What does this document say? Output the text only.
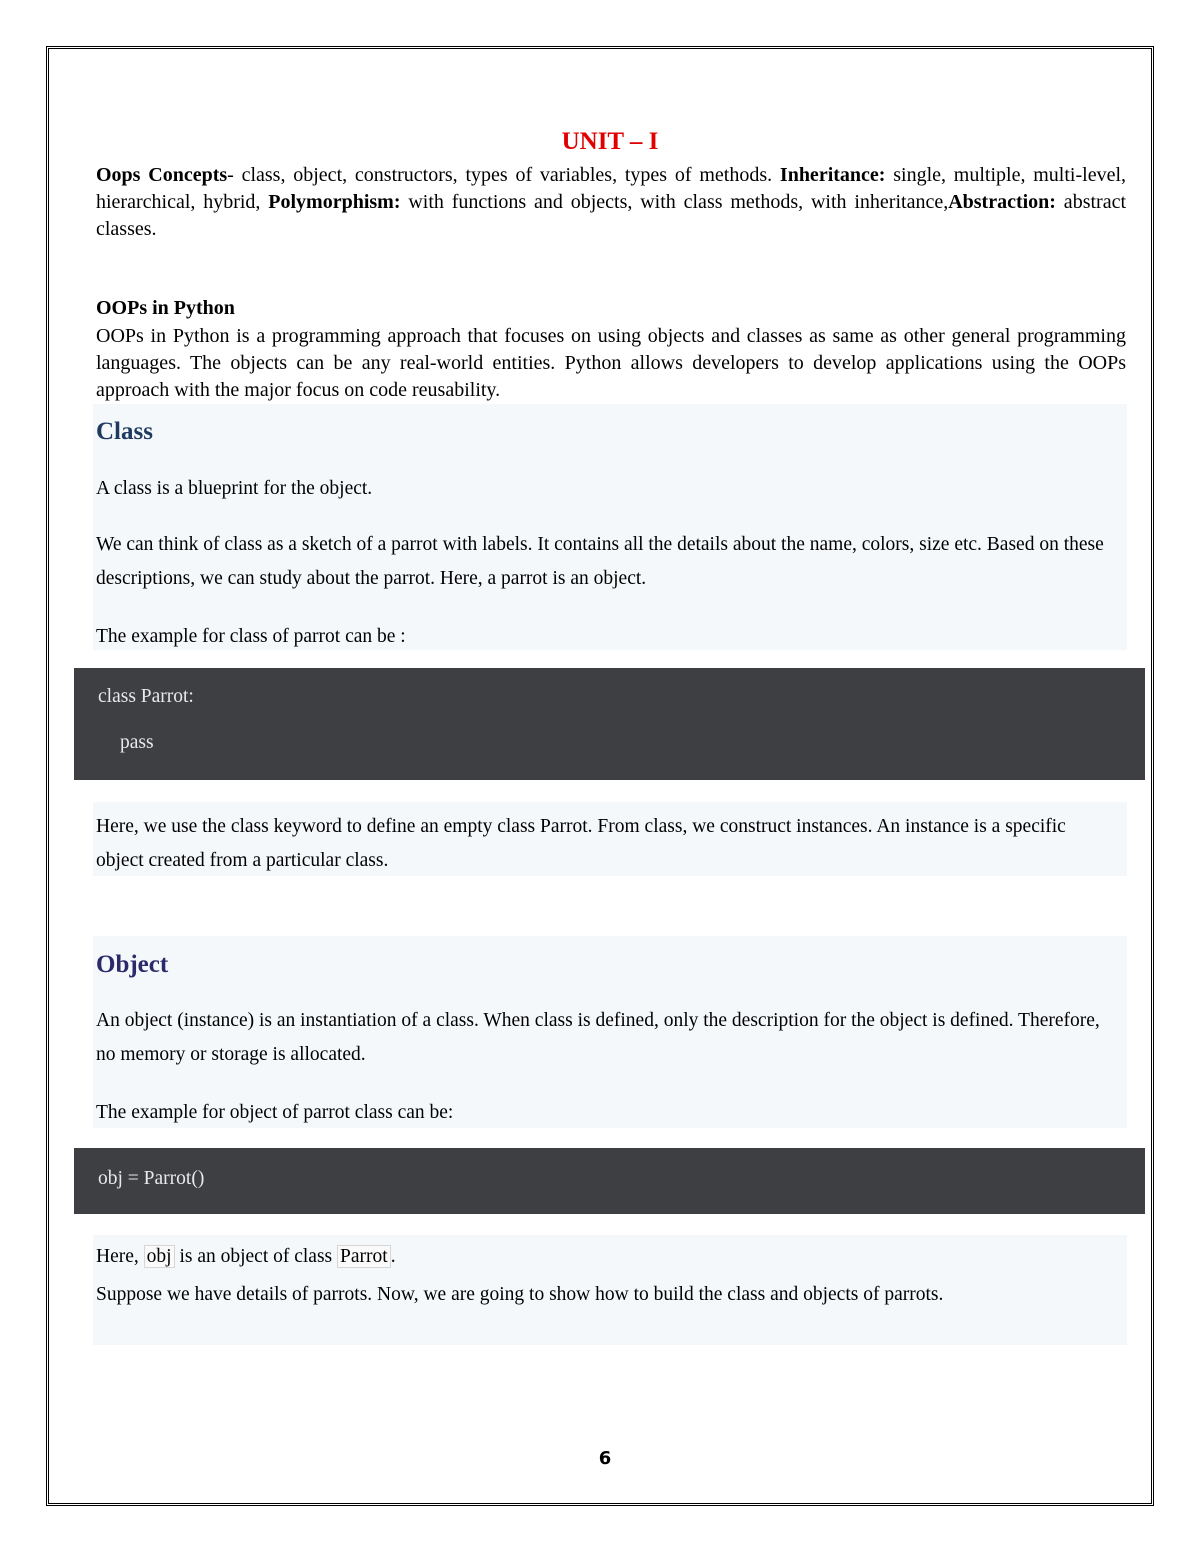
UNIT – I
Oops Concepts- class, object, constructors, types of variables, types of methods. Inheritance: single, multiple, multi-level, hierarchical, hybrid, Polymorphism: with functions and objects, with class methods, with inheritance,Abstraction: abstract classes.
OOPs in Python
OOPs in Python is a programming approach that focuses on using objects and classes as same as other general programming languages. The objects can be any real-world entities. Python allows developers to develop applications using the OOPs approach with the major focus on code reusability.
Class
A class is a blueprint for the object.
We can think of class as a sketch of a parrot with labels. It contains all the details about the name, colors, size etc. Based on these descriptions, we can study about the parrot. Here, a parrot is an object.
The example for class of parrot can be :
class Parrot:
pass
Here, we use the class keyword to define an empty class Parrot. From class, we construct instances. An instance is a specific object created from a particular class.
Object
An object (instance) is an instantiation of a class. When class is defined, only the description for the object is defined. Therefore, no memory or storage is allocated.
The example for object of parrot class can be:
obj = Parrot()
Here, obj is an object of class Parrot .
Suppose we have details of parrots. Now, we are going to show how to build the class and objects of parrots.
6
